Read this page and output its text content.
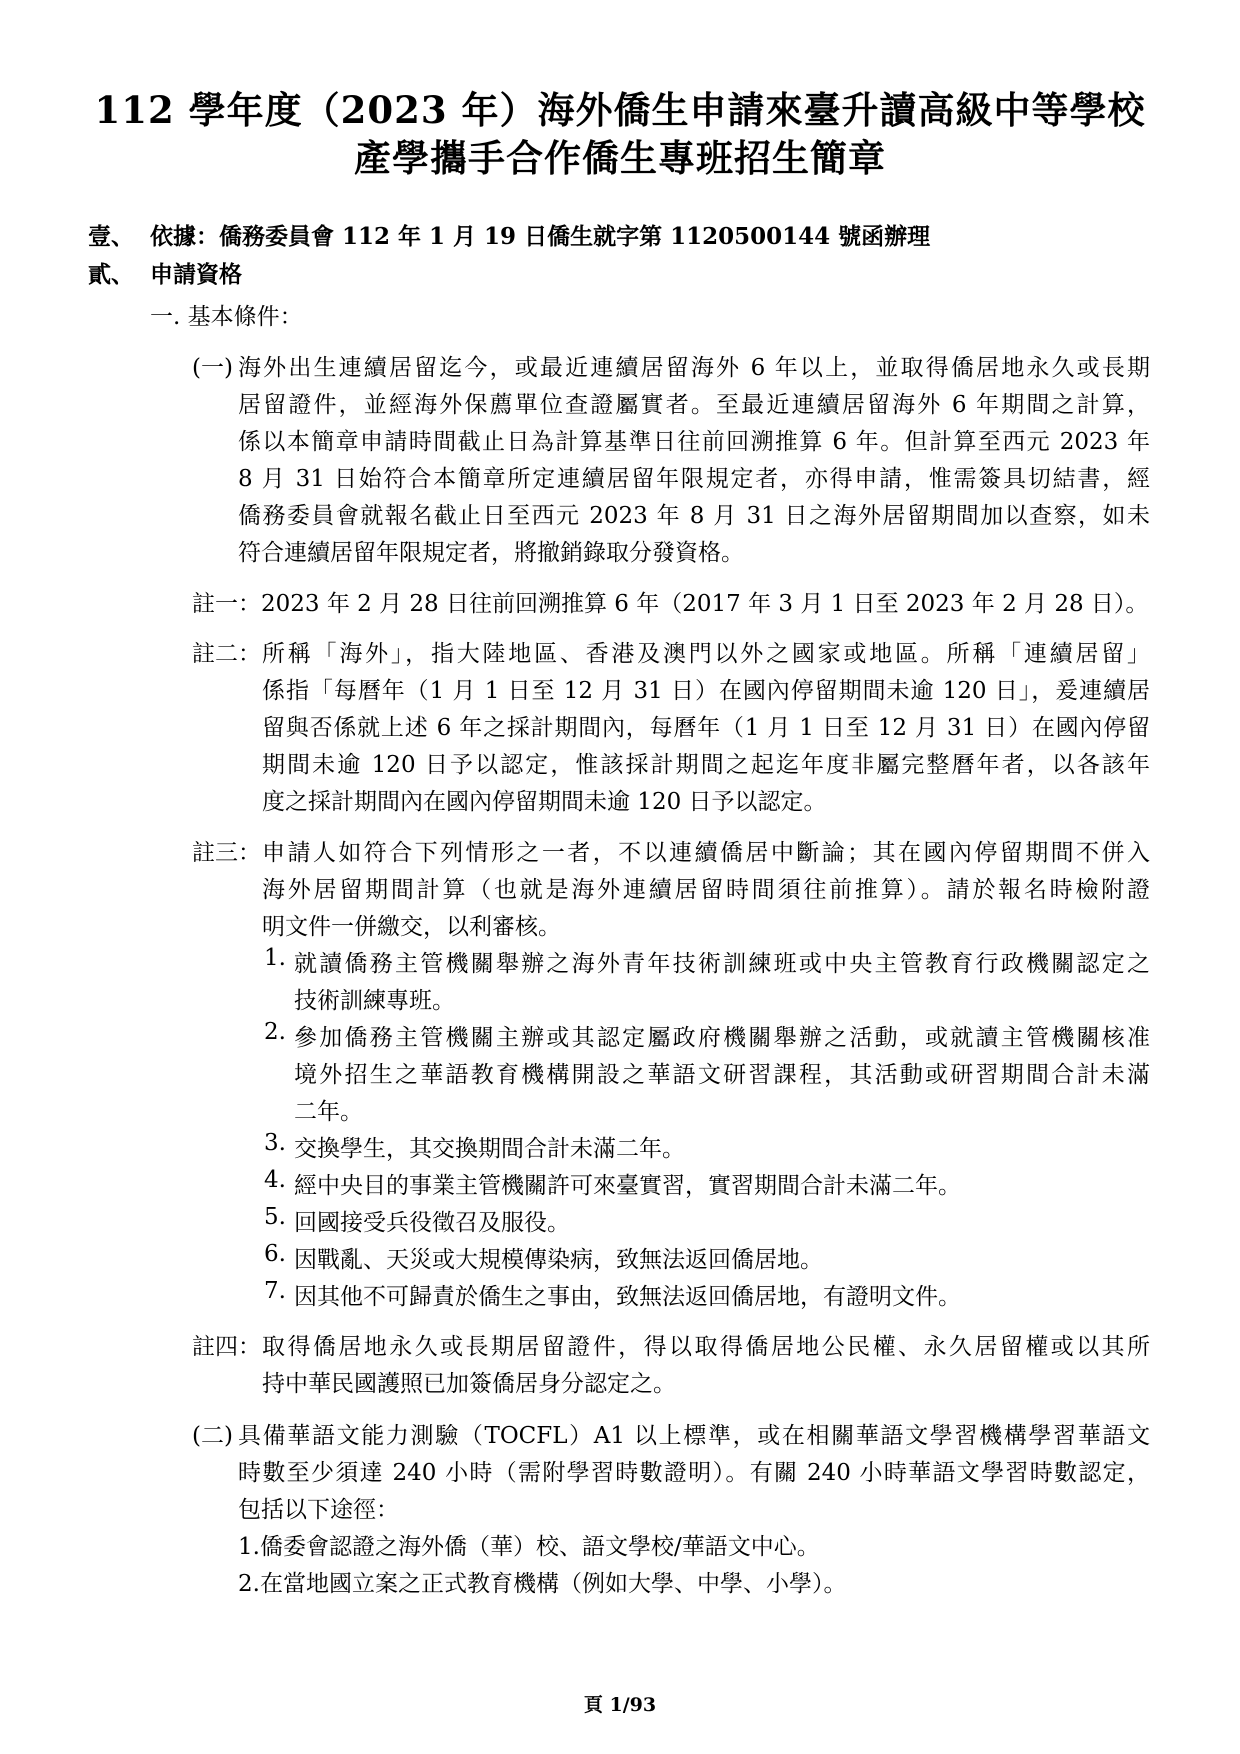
112 學年度（2023 年）海外僑生申請來臺升讀高級中等學校
產學攜手合作僑生專班招生簡章
壹、 依據：僑務委員會 112 年 1 月 19 日僑生就字第 1120500144 號函辦理
貳、 申請資格
一. 基本條件：
(一) 海外出生連續居留迄今，或最近連續居留海外 6 年以上，並取得僑居地永久或長期
居留證件，並經海外保薦單位查證屬實者。至最近連續居留海外 6 年期間之計算，
係以本簡章申請時間截止日為計算基準日往前回溯推算 6 年。但計算至西元 2023 年
8 月 31 日始符合本簡章所定連續居留年限規定者，亦得申請，惟需簽具切結書，經
僑務委員會就報名截止日至西元 2023 年 8 月 31 日之海外居留期間加以查察，如未
符合連續居留年限規定者，將撤銷錄取分發資格。
註一：2023 年 2 月 28 日往前回溯推算 6 年（2017 年 3 月 1 日至 2023 年 2 月 28 日）。
註二： 所稱「海外」，指大陸地區、香港及澳門以外之國家或地區。所稱「連續居留」
係指「每曆年（1 月 1 日至 12 月 31 日）在國內停留期間未逾 120 日」，爰連續居
留與否係就上述 6 年之採計期間內，每曆年（1 月 1 日至 12 月 31 日）在國內停留
期間未逾 120 日予以認定，惟該採計期間之起迄年度非屬完整曆年者，以各該年
度之採計期間內在國內停留期間未逾 120 日予以認定。
註三： 申請人如符合下列情形之一者，不以連續僑居中斷論；其在國內停留期間不併入
海外居留期間計算（也就是海外連續居留時間須往前推算）。請於報名時檢附證
明文件一併繳交，以利審核。
1. 就讀僑務主管機關舉辦之海外青年技術訓練班或中央主管教育行政機關認定之
技術訓練專班。
2. 參加僑務主管機關主辦或其認定屬政府機關舉辦之活動，或就讀主管機關核准
境外招生之華語教育機構開設之華語文研習課程，其活動或研習期間合計未滿
二年。
3. 交換學生，其交換期間合計未滿二年。
4. 經中央目的事業主管機關許可來臺實習，實習期間合計未滿二年。
5. 回國接受兵役徵召及服役。
6. 因戰亂、天災或大規模傳染病，致無法返回僑居地。
7. 因其他不可歸責於僑生之事由，致無法返回僑居地，有證明文件。
註四： 取得僑居地永久或長期居留證件，得以取得僑居地公民權、永久居留權或以其所
持中華民國護照已加簽僑居身分認定之。
(二) 具備華語文能力測驗（TOCFL）A1 以上標準，或在相關華語文學習機構學習華語文
時數至少須達 240 小時（需附學習時數證明）。有關 240 小時華語文學習時數認定，
包括以下途徑：
1.僑委會認證之海外僑（華）校、語文學校/華語文中心。
2.在當地國立案之正式教育機構（例如大學、中學、小學）。
頁 1/93
